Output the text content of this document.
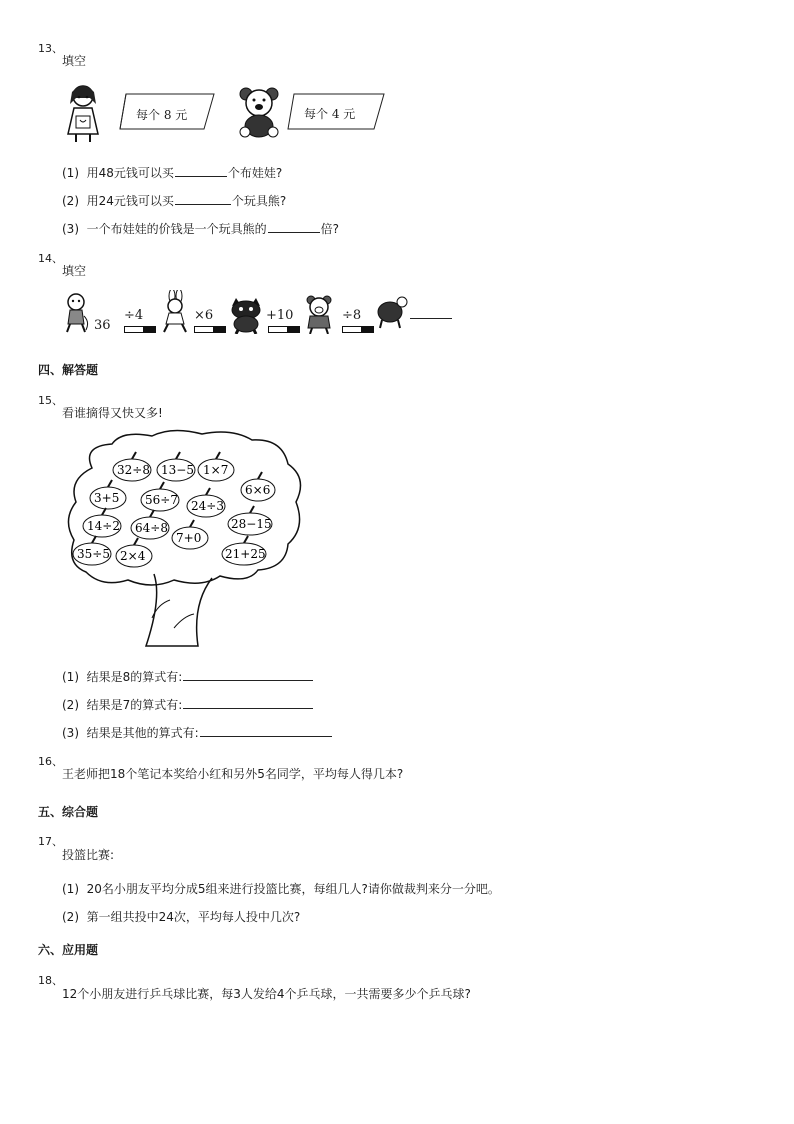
13、
填空
每个 8 元	每个 4 元
(1) 用48元钱可以买	个布娃娃?
(2) 用24元钱可以买	个玩具熊?
(3) 一个布娃娃的价钱是一个玩具熊的	倍?
14、
填空
36
÷4	×6	+10	÷8
四、解答题
15、
看谁摘得又快又多!
32÷8 13−5 1×7
6×6
3+5 56÷7 24÷3
14÷2 64÷8	28−15
7+0
35÷5 2×4	21+25
(1) 结果是8的算式有:
(2) 结果是7的算式有:
(3) 结果是其他的算式有:
16、
王老师把18个笔记本奖给小红和另外5名同学，平均每人得几本?
五、综合题
17、
投篮比赛:
(1) 20名小朋友平均分成5组来进行投篮比赛，每组几人?请你做裁判来分一分吧。
(2) 第一组共投中24次，平均每人投中几次?
六、应用题
18、
12个小朋友进行乒乓球比赛，每3人发给4个乒乓球，一共需要多少个乒乓球?
